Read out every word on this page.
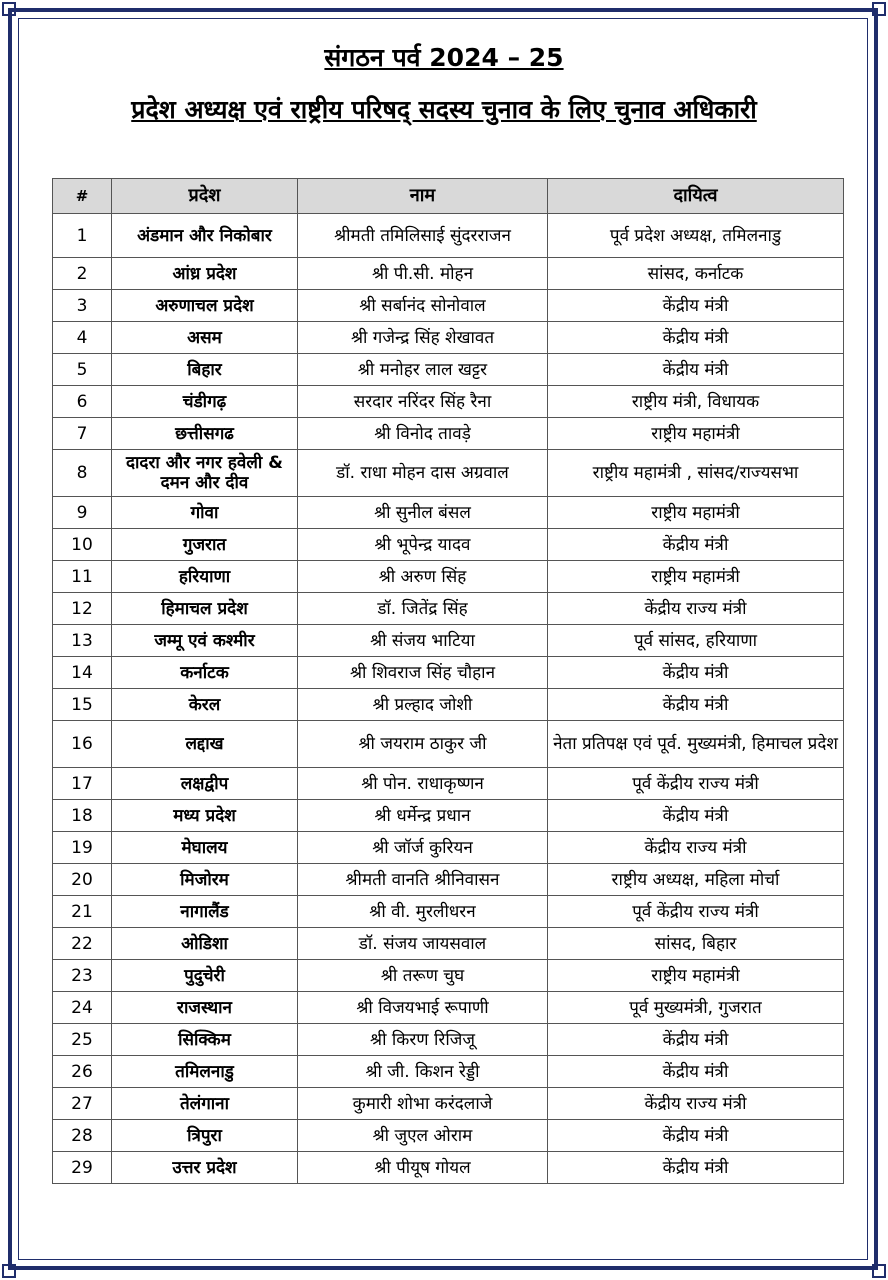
संगठन पर्व 2024 – 25
प्रदेश अध्यक्ष एवं राष्ट्रीय परिषद् सदस्य चुनाव के लिए चुनाव अधिकारी
#	प्रदेश	नाम	दायित्व
1	अंडमान और निकोबार	श्रीमती तमिलिसाई सुंदरराजन	पूर्व प्रदेश अध्यक्ष, तमिलनाडु
2	आंध्र प्रदेश	श्री पी.सी. मोहन	सांसद, कर्नाटक
3	अरुणाचल प्रदेश	श्री सर्बानंद सोनोवाल	केंद्रीय मंत्री
4	असम	श्री गजेन्द्र सिंह शेखावत	केंद्रीय मंत्री
5	बिहार	श्री मनोहर लाल खट्टर	केंद्रीय मंत्री
6	चंडीगढ़	सरदार नरिंदर सिंह रैना	राष्ट्रीय मंत्री, विधायक
7	छत्तीसगढ	श्री विनोद तावड़े	राष्ट्रीय महामंत्री
8	दादरा और नगर हवेली & दमन और दीव	डॉ. राधा मोहन दास अग्रवाल	राष्ट्रीय महामंत्री , सांसद/राज्यसभा
9	गोवा	श्री सुनील बंसल	राष्ट्रीय महामंत्री
10	गुजरात	श्री भूपेन्द्र यादव	केंद्रीय मंत्री
11	हरियाणा	श्री अरुण सिंह	राष्ट्रीय महामंत्री
12	हिमाचल प्रदेश	डॉ. जितेंद्र सिंह	केंद्रीय राज्य मंत्री
13	जम्मू एवं कश्मीर	श्री संजय भाटिया	पूर्व सांसद, हरियाणा
14	कर्नाटक	श्री शिवराज सिंह चौहान	केंद्रीय मंत्री
15	केरल	श्री प्रल्हाद जोशी	केंद्रीय मंत्री
16	लद्दाख	श्री जयराम ठाकुर जी	नेता प्रतिपक्ष एवं पूर्व. मुख्यमंत्री, हिमाचल प्रदेश
17	लक्षद्वीप	श्री पोन. राधाकृष्णन	पूर्व केंद्रीय राज्य मंत्री
18	मध्य प्रदेश	श्री धर्मेन्द्र प्रधान	केंद्रीय मंत्री
19	मेघालय	श्री जॉर्ज कुरियन	केंद्रीय राज्य मंत्री
20	मिजोरम	श्रीमती वानति श्रीनिवासन	राष्ट्रीय अध्यक्ष, महिला मोर्चा
21	नागालैंड	श्री वी. मुरलीधरन	पूर्व केंद्रीय राज्य मंत्री
22	ओडिशा	डॉ. संजय जायसवाल	सांसद, बिहार
23	पुदुचेरी	श्री तरूण चुघ	राष्ट्रीय महामंत्री
24	राजस्थान	श्री विजयभाई रूपाणी	पूर्व मुख्यमंत्री, गुजरात
25	सिक्किम	श्री किरण रिजिजू	केंद्रीय मंत्री
26	तमिलनाडु	श्री जी. किशन रेड्डी	केंद्रीय मंत्री
27	तेलंगाना	कुमारी शोभा करंदलाजे	केंद्रीय राज्य मंत्री
28	त्रिपुरा	श्री जुएल ओराम	केंद्रीय मंत्री
29	उत्तर प्रदेश	श्री पीयूष गोयल	केंद्रीय मंत्री
